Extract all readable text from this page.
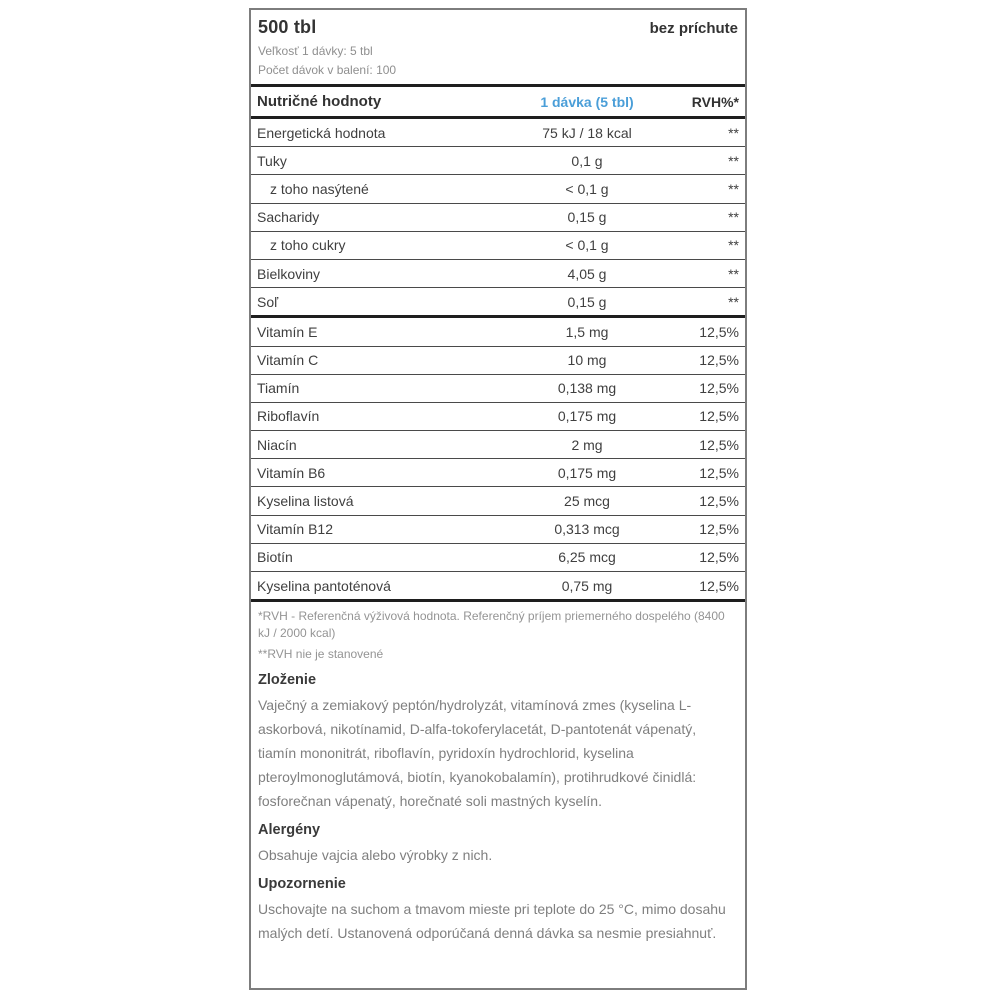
500 tbl	bez príchute
Veľkosť 1 dávky: 5 tbl
Počet dávok v balení: 100
Nutričné hodnoty	1 dávka (5 tbl)	RVH%*
Energetická hodnota	75 kJ / 18 kcal	**
Tuky	0,1 g	**
z toho nasýtené	< 0,1 g	**
Sacharidy	0,15 g	**
z toho cukry	< 0,1 g	**
Bielkoviny	4,05 g	**
Soľ	0,15 g	**
Vitamín E	1,5 mg	12,5%
Vitamín C	10 mg	12,5%
Tiamín	0,138 mg	12,5%
Riboflavín	0,175 mg	12,5%
Niacín	2 mg	12,5%
Vitamín B6	0,175 mg	12,5%
Kyselina listová	25 mcg	12,5%
Vitamín B12	0,313 mcg	12,5%
Biotín	6,25 mcg	12,5%
Kyselina pantoténová	0,75 mg	12,5%
*RVH - Referenčná výživová hodnota. Referenčný príjem priemerného dospelého (8400 kJ / 2000 kcal)
**RVH nie je stanovené
Zloženie
Vaječný a zemiakový peptón/hydrolyzát, vitamínová zmes (kyselina L-askorbová, nikotínamid, D-alfa-tokoferylacetát, D-pantotenát vápenatý, tiamín mononitrát, riboflavín, pyridoxín hydrochlorid, kyselina pteroylmonoglutámová, biotín, kyanokobalamín), protihrudkové činidlá: fosforečnan vápenatý, horečnaté soli mastných kyselín.
Alergény
Obsahuje vajcia alebo výrobky z nich.
Upozornenie
Uschovajte na suchom a tmavom mieste pri teplote do 25 °C, mimo dosahu malých detí. Ustanovená odporúčaná denná dávka sa nesmie presiahnuť.
